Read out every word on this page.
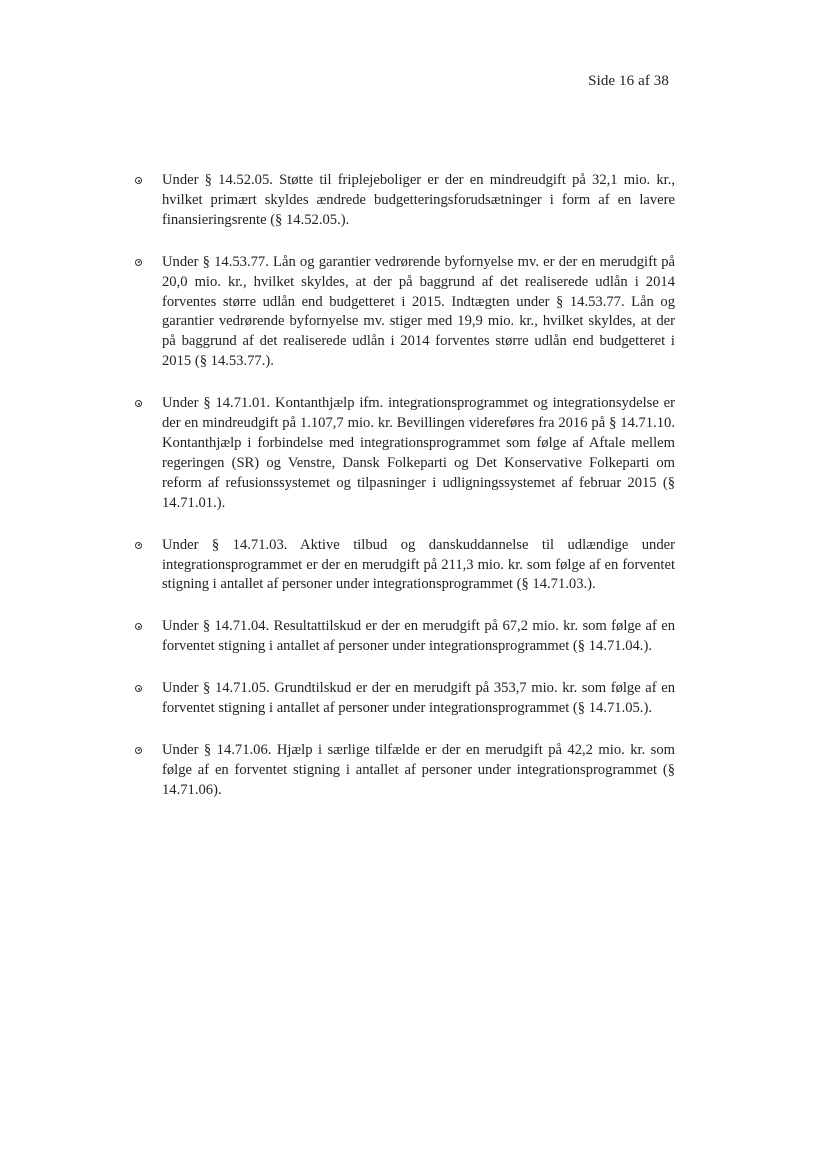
Side 16 af 38
Under § 14.52.05. Støtte til friplejeboliger er der en mindreudgift på 32,1 mio. kr., hvilket primært skyldes ændrede budgetteringsforudsætninger i form af en lavere finansieringsrente (§ 14.52.05.).
Under § 14.53.77. Lån og garantier vedrørende byfornyelse mv. er der en merudgift på 20,0 mio. kr., hvilket skyldes, at der på baggrund af det realiserede udlån i 2014 forventes større udlån end budgetteret i 2015. Indtægten under § 14.53.77. Lån og garantier vedrørende byfornyelse mv. stiger med 19,9 mio. kr., hvilket skyldes, at der på baggrund af det realiserede udlån i 2014 forventes større udlån end budgetteret i 2015 (§ 14.53.77.).
Under § 14.71.01. Kontanthjælp ifm. integrationsprogrammet og integrationsydelse er der en mindreudgift på 1.107,7 mio. kr. Bevillingen videreføres fra 2016 på § 14.71.10. Kontanthjælp i forbindelse med integrationsprogrammet som følge af Aftale mellem regeringen (SR) og Venstre, Dansk Folkeparti og Det Konservative Folkeparti om reform af refusionssystemet og tilpasninger i udligningssystemet af februar 2015 (§ 14.71.01.).
Under § 14.71.03. Aktive tilbud og danskuddannelse til udlændige under integrationsprogrammet er der en merudgift på 211,3 mio. kr. som følge af en forventet stigning i antallet af personer under integrationsprogrammet (§ 14.71.03.).
Under § 14.71.04. Resultattilskud er der en merudgift på 67,2 mio. kr. som følge af en forventet stigning i antallet af personer under integrationsprogrammet (§ 14.71.04.).
Under § 14.71.05. Grundtilskud er der en merudgift på 353,7 mio. kr. som følge af en forventet stigning i antallet af personer under integrationsprogrammet (§ 14.71.05.).
Under § 14.71.06. Hjælp i særlige tilfælde er der en merudgift på 42,2 mio. kr. som følge af en forventet stigning i antallet af personer under integrationsprogrammet (§ 14.71.06).
